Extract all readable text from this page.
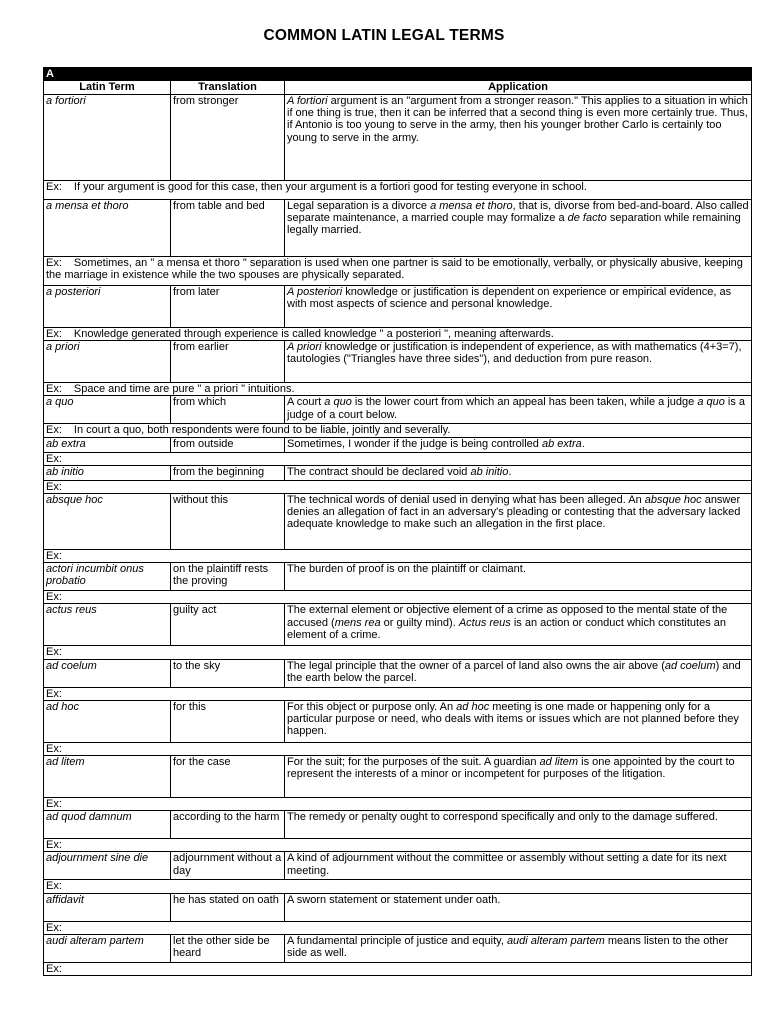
COMMON LATIN LEGAL TERMS
A		
Latin Term	Translation	Application
a fortiori	from stronger	A fortiori argument is an "argument from a stronger reason." This applies to a situation in which if one thing is true, then it can be inferred that a second thing is even more certainly true. Thus, if Antonio is too young to serve in the army, then his younger brother Carlo is certainly too young to serve in the army.
Ex: If your argument is good for this case, then your argument is a fortiori good for testing everyone in school.		
a mensa et thoro	from table and bed	Legal separation is a divorce a mensa et thoro, that is, divorse from bed-and-board. Also called separate maintenance, a married couple may formalize a de facto separation while remaining legally married.
Ex: Sometimes, an " a mensa et thoro " separation is used when one partner is said to be emotionally, verbally, or physically abusive, keeping the marriage in existence while the two spouses are physically separated.		
a posteriori	from later	A posteriori knowledge or justification is dependent on experience or empirical evidence, as with most aspects of science and personal knowledge.
Ex: Knowledge generated through experience is called knowledge " a posteriori ", meaning afterwards.		
a priori	from earlier	A priori knowledge or justification is independent of experience, as with mathematics (4+3=7), tautologies ("Triangles have three sides"), and deduction from pure reason.
Ex: Space and time are pure " a priori " intuitions.		
a quo	from which	A court a quo is the lower court from which an appeal has been taken, while a judge a quo is a judge of a court below.
Ex: In court a quo, both respondents were found to be liable, jointly and severally.		
ab extra	from outside	Sometimes, I wonder if the judge is being controlled ab extra.
Ex:		
ab initio	from the beginning	The contract should be declared void ab initio.
Ex:		
absque hoc	without this	The technical words of denial used in denying what has been alleged. An absque hoc answer denies an allegation of fact in an adversary's pleading or contesting that the adversary lacked adequate knowledge to make such an allegation in the first place.
Ex:		
actori incumbit onus probatio	on the plaintiff rests the proving	The burden of proof is on the plaintiff or claimant.
Ex:		
actus reus	guilty act	The external element or objective element of a crime as opposed to the mental state of the accused (mens rea or guilty mind). Actus reus is an action or conduct which constitutes an element of a crime.
Ex:		
ad coelum	to the sky	The legal principle that the owner of a parcel of land also owns the air above (ad coelum) and the earth below the parcel.
Ex:		
ad hoc	for this	For this object or purpose only. An ad hoc meeting is one made or happening only for a particular purpose or need, who deals with items or issues which are not planned before they happen.
Ex:		
ad litem	for the case	For the suit; for the purposes of the suit. A guardian ad litem is one appointed by the court to represent the interests of a minor or incompetent for purposes of the litigation.
Ex:		
ad quod damnum	according to the harm	The remedy or penalty ought to correspond specifically and only to the damage suffered.
Ex:		
adjournment sine die	adjournment without a day	A kind of adjournment without the committee or assembly without setting a date for its next meeting.
Ex:		
affidavit	he has stated on oath	A sworn statement or statement under oath.
Ex:		
audi alteram partem	let the other side be heard	A fundamental principle of justice and equity, audi alteram partem means listen to the other side as well.
Ex:		
